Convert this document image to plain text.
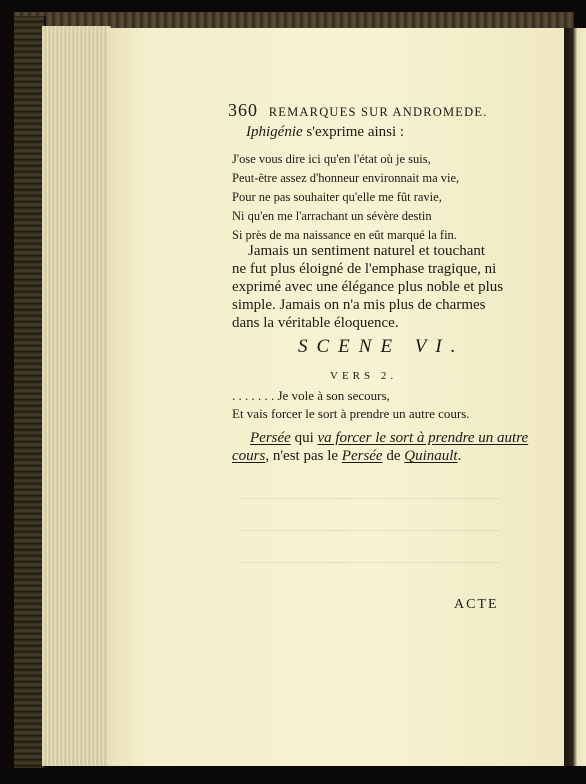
360 REMARQUES SUR ANDROMEDE.
Iphigénie s'exprime ainsi :
J'ose vous dire ici qu'en l'état où je suis,
Peut-être assez d'honneur environnait ma vie,
Pour ne pas souhaiter qu'elle me fût ravie,
Ni qu'en me l'arrachant un sévère destin
Si près de ma naissance en eût marqué la fin.
Jamais un sentiment naturel et touchant
ne fut plus éloigné de l'emphase tragique, ni
exprimé avec une élégance plus noble et plus
simple. Jamais on n'a mis plus de charmes
dans la véritable éloquence.
SCENE VI.
VERS 2.
. . . . . . . Je vole à son secours,
Et vais forcer le sort à prendre un autre cours.
Persée qui va forcer le sort à prendre un autre
cours, n'est pas le Persée de Quinault.
ACTE
